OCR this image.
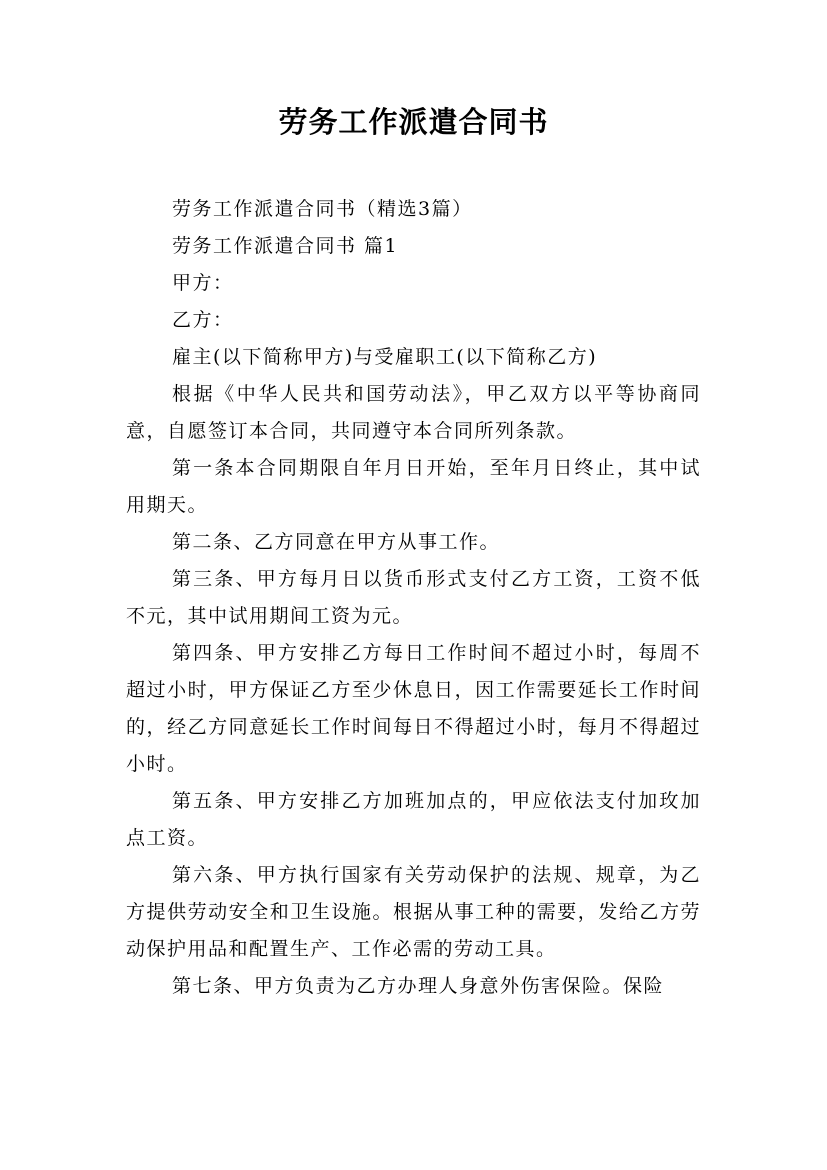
劳务工作派遣合同书

劳务工作派遣合同书（精选3篇）

劳务工作派遣合同书 篇1

甲方：

乙方：

雇主(以下简称甲方)与受雇职工(以下简称乙方)

根据《中华人民共和国劳动法》，甲乙双方以平等协商同意，自愿签订本合同，共同遵守本合同所列条款。

第一条本合同期限自年月日开始，至年月日终止，其中试用期天。

第二条、乙方同意在甲方从事工作。

第三条、甲方每月日以货币形式支付乙方工资，工资不低不元，其中试用期间工资为元。

第四条、甲方安排乙方每日工作时间不超过小时，每周不超过小时，甲方保证乙方至少休息日，因工作需要延长工作时间的，经乙方同意延长工作时间每日不得超过小时，每月不得超过小时。

第五条、甲方安排乙方加班加点的，甲应依法支付加玫加点工资。

第六条、甲方执行国家有关劳动保护的法规、规章，为乙方提供劳动安全和卫生设施。根据从事工种的需要，发给乙方劳动保护用品和配置生产、工作必需的劳动工具。

第七条、甲方负责为乙方办理人身意外伤害保险。保险
